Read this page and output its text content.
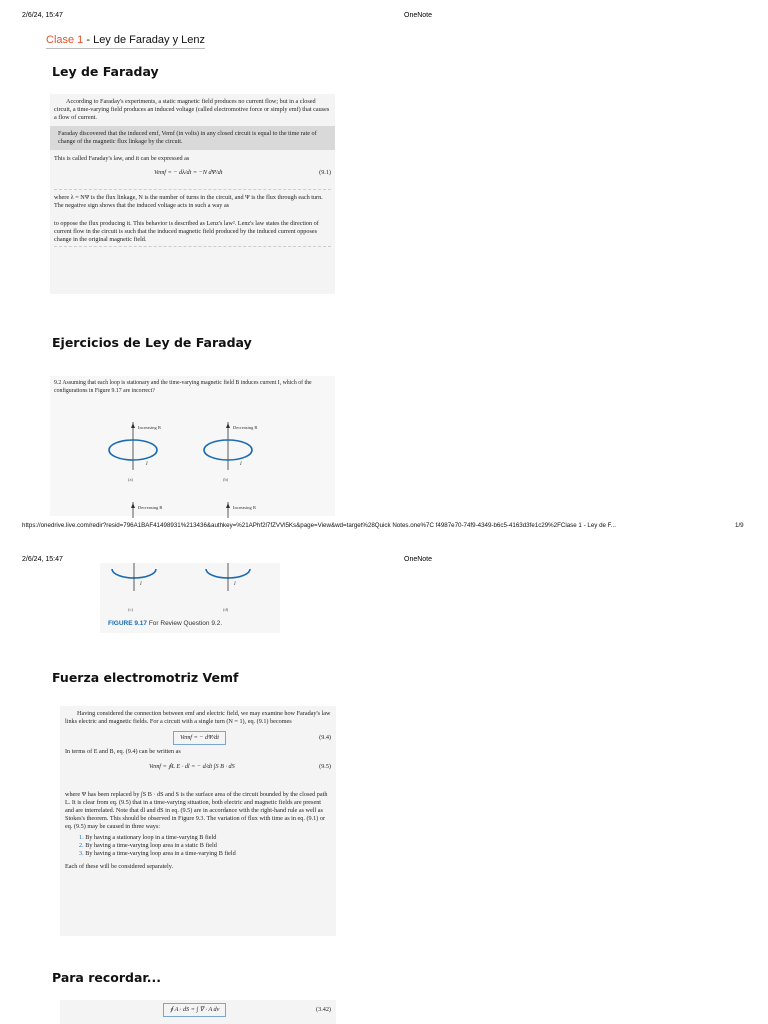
2/6/24, 15:47	OneNote
Clase 1 - Ley de Faraday y Lenz
Ley de Faraday

According to Faraday's experiments, a static magnetic field produces no current flow; but in a closed circuit, a time-varying field produces an induced voltage (called electromotive force or simply emf) that causes a flow of current.

Faraday discovered that the induced emf, Vemf (in volts) in any closed circuit is equal to the time rate of change of the magnetic flux linkage by the circuit.

This is called Faraday's law, and it can be expressed as

Vemf = − dλ/dt = −N dΨ/dt	(9.1)

where λ = NΨ is the flux linkage, N is the number of turns in the circuit, and Ψ is the flux through each turn. The negative sign shows that the induced voltage acts in such a way as

to oppose the flux producing it. This behavior is described as Lenz's law². Lenz's law states the direction of current flow in the circuit is such that the induced magnetic field produced by the induced current opposes change in the original magnetic field.

Ejercicios de Ley de Faraday

9.2 Assuming that each loop is stationary and the time-varying magnetic field B induces current I, which of the configurations in Figure 9.17 are incorrect?

Increasing B
I
(a)
Decreasing B
I
(b)
Decreasing B	Increasing B
https://onedrive.live.com/redir?resid=796A1BAF41498931%213436&authkey=%21APhf2l7fZVVl5Ks&page=View&wd=target%28Quick Notes.one%7C f4987e70-74f9-4349-b6c5-4163d3fe1c29%2FClase 1 - Ley de F...	1/9
2/6/24, 15:47	OneNote
I
(c)
I
(d)
FIGURE 9.17 For Review Question 9.2.
Fuerza electromotriz Vemf

Having considered the connection between emf and electric field, we may examine how Faraday's law links electric and magnetic fields. For a circuit with a single turn (N = 1), eq. (9.1) becomes

Vemf = − dΨ/dt	(9.4)

In terms of E and B, eq. (9.4) can be written as

Vemf = ∮L E · dl = − d/dt ∫S B · dS	(9.5)

where Ψ has been replaced by ∫S B · dS and S is the surface area of the circuit bounded by the closed path L. It is clear from eq. (9.5) that in a time-varying situation, both electric and magnetic fields are present and are interrelated. Note that dl and dS in eq. (9.5) are in accordance with the right-hand rule as well as Stokes's theorem. This should be observed in Figure 9.3. The variation of flux with time as in eq. (9.1) or eq. (9.5) may be caused in three ways:

1. By having a stationary loop in a time-varying B field
2. By having a time-varying loop area in a static B field
3. By having a time-varying loop area in a time-varying B field

Each of these will be considered separately.

Para recordar...
∮ A · dS = ∫ ∇ · A dv	(3.42)
